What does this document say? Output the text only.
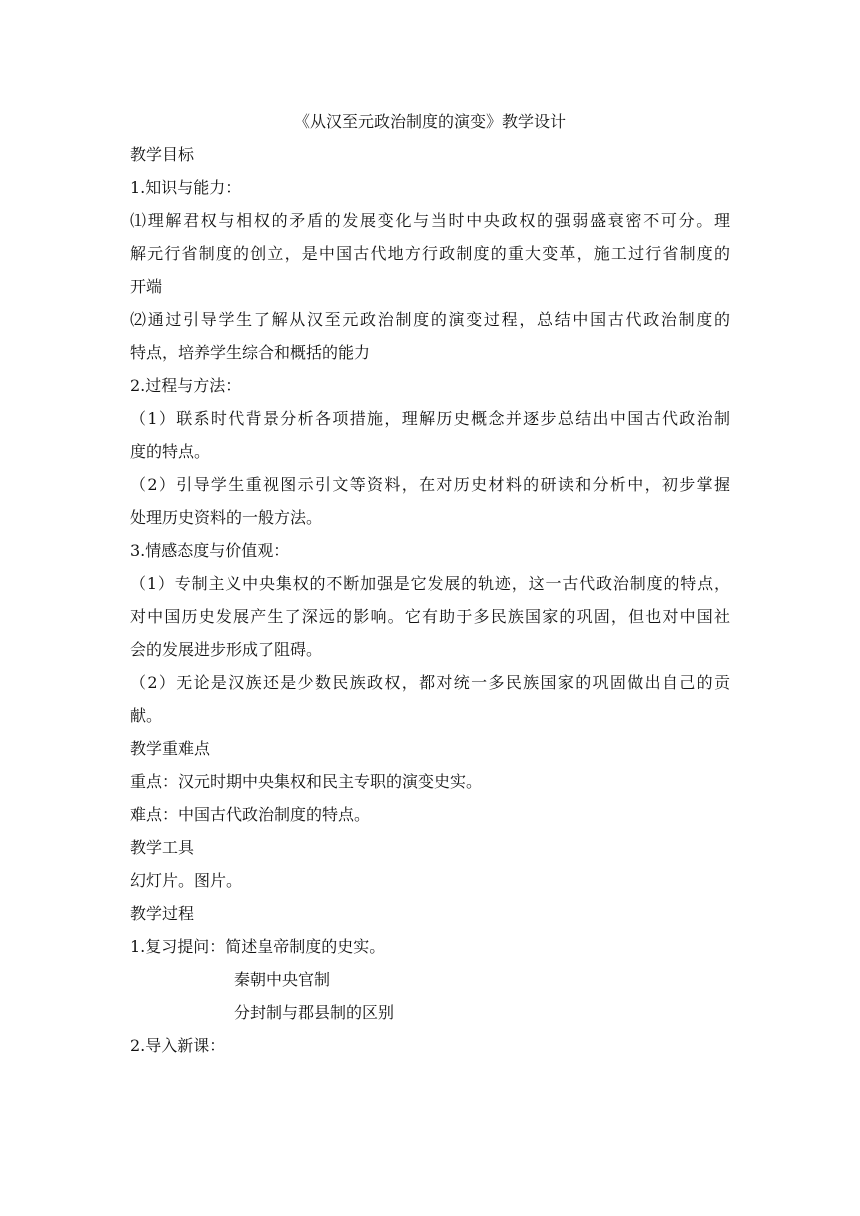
《从汉至元政治制度的演变》教学设计
教学目标
1.知识与能力：
⑴理解君权与相权的矛盾的发展变化与当时中央政权的强弱盛衰密不可分。理
解元行省制度的创立，是中国古代地方行政制度的重大变革，施工过行省制度的
开端
⑵通过引导学生了解从汉至元政治制度的演变过程，总结中国古代政治制度的
特点，培养学生综合和概括的能力
2.过程与方法：
（1）联系时代背景分析各项措施，理解历史概念并逐步总结出中国古代政治制
度的特点。
（2）引导学生重视图示引文等资料，在对历史材料的研读和分析中，初步掌握
处理历史资料的一般方法。
3.情感态度与价值观：
（1）专制主义中央集权的不断加强是它发展的轨迹，这一古代政治制度的特点，
对中国历史发展产生了深远的影响。它有助于多民族国家的巩固，但也对中国社
会的发展进步形成了阻碍。
（2）无论是汉族还是少数民族政权，都对统一多民族国家的巩固做出自己的贡
献。
教学重难点
重点：汉元时期中央集权和民主专职的演变史实。
难点：中国古代政治制度的特点。
教学工具
幻灯片。图片。
教学过程
1.复习提问：简述皇帝制度的史实。
秦朝中央官制
分封制与郡县制的区别
2.导入新课：
